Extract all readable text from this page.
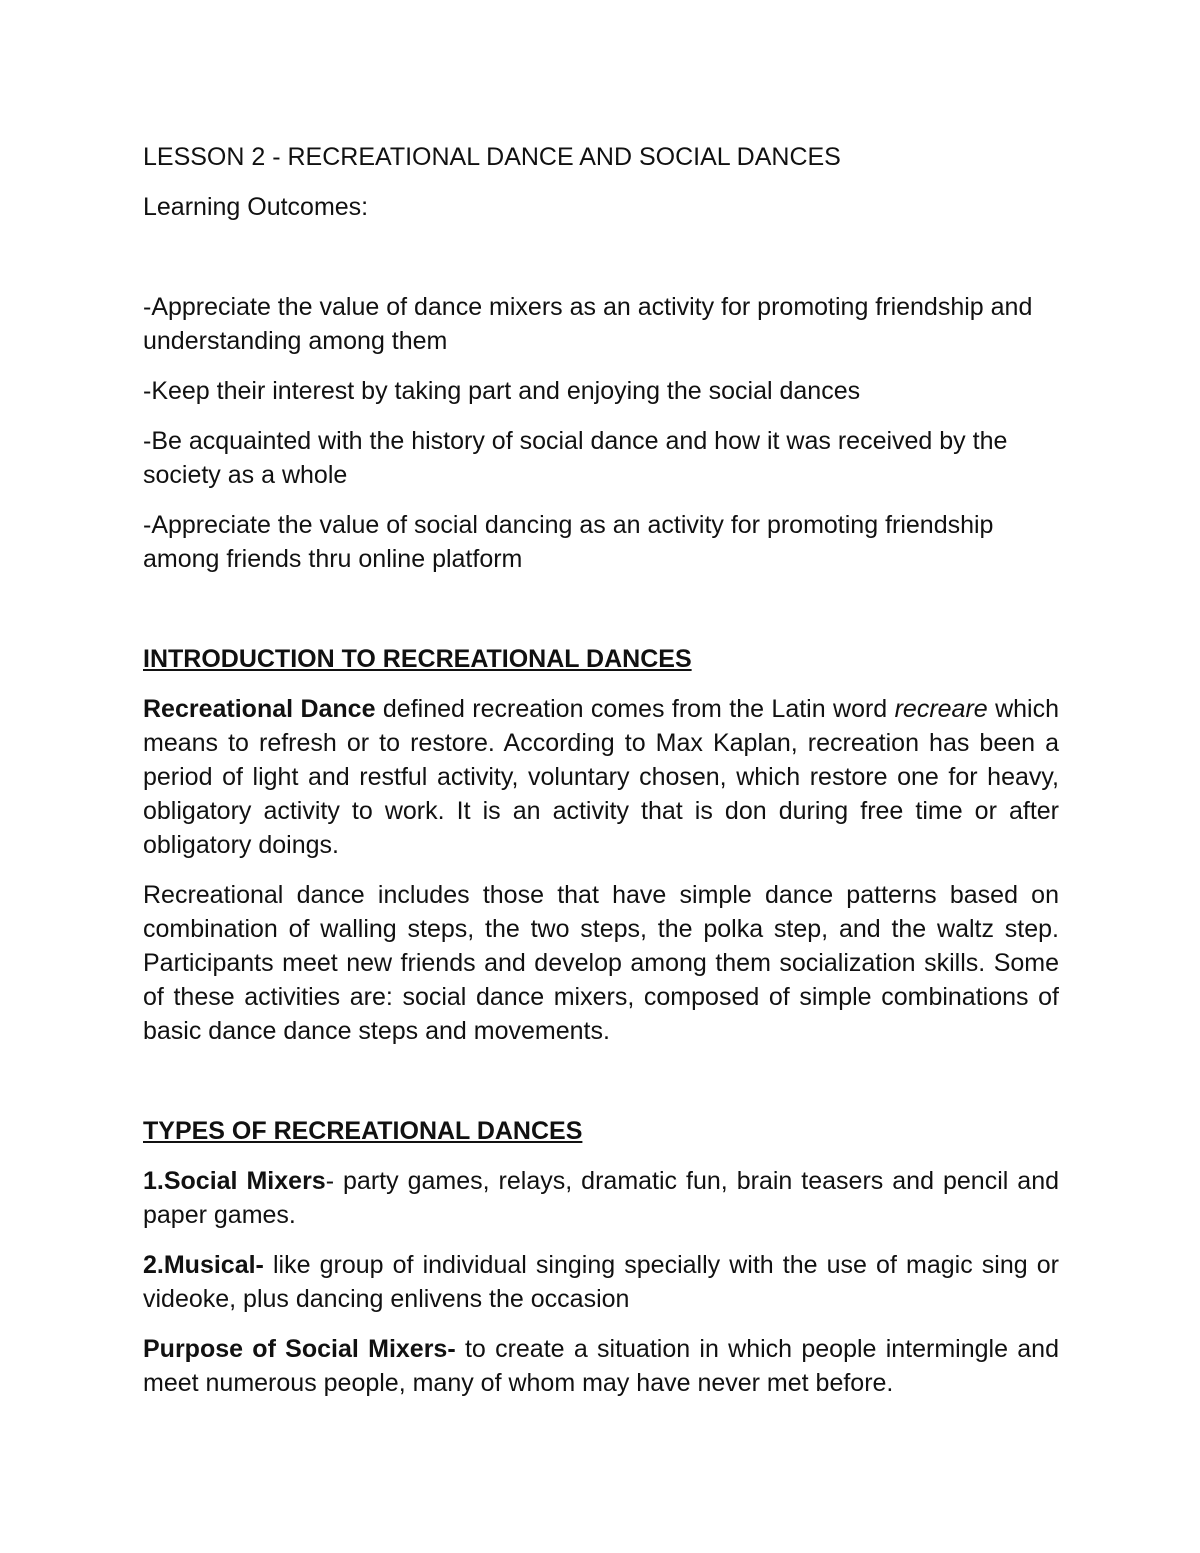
LESSON 2 - RECREATIONAL DANCE AND SOCIAL DANCES

Learning Outcomes:

-Appreciate the value of dance mixers as an activity for promoting friendship and understanding among them

-Keep their interest by taking part and enjoying the social dances

-Be acquainted with the history of social dance and how it was received by the society as a whole

-Appreciate the value of social dancing as an activity for promoting friendship among friends thru online platform

INTRODUCTION TO RECREATIONAL DANCES

Recreational Dance defined recreation comes from the Latin word recreare which means to refresh or to restore. According to Max Kaplan, recreation has been a period of light and restful activity, voluntary chosen, which restore one for heavy, obligatory activity to work. It is an activity that is don during free time or after obligatory doings.

Recreational dance includes those that have simple dance patterns based on combination of walling steps, the two steps, the polka step, and the waltz step. Participants meet new friends and develop among them socialization skills. Some of these activities are: social dance mixers, composed of simple combinations of basic dance dance steps and movements.

TYPES OF RECREATIONAL DANCES

1.Social Mixers- party games, relays, dramatic fun, brain teasers and pencil and paper games.

2.Musical- like group of individual singing specially with the use of magic sing or videoke, plus dancing enlivens the occasion

Purpose of Social Mixers- to create a situation in which people intermingle and meet numerous people, many of whom may have never met before.
